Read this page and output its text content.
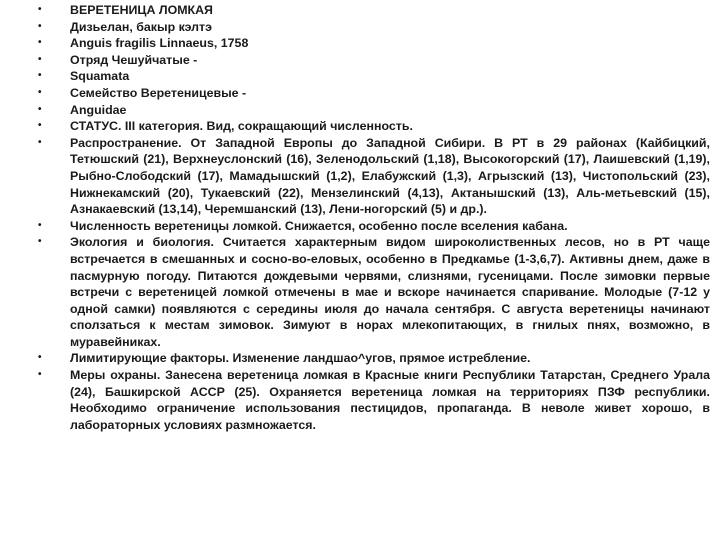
•	ВЕРЕТЕНИЦА ЛОМКАЯ
•	Дизьелан, бакыр кэлтэ
•	Anguis fragilis Linnaeus, 1758
•	Отряд Чешуйчатые -
•	Squamata
•	Семейство Веретеницевые -
•	Anguidae
•	СТАТУС. III категория. Вид, сокращающий численность.
•	Распространение. От Западной Европы до Западной Сибири. В РТ в 29 районах (Кайбицкий, Тетюшский (21), Верхнеуслонский (16), Зеленодольский (1,18), Высокогорский (17), Лаишевский (1,19), Рыбно-Слободский (17), Мамадышский (1,2), Елабужский (1,3), Агрызский (13), Чистопольский (23), Нижнекамский (20), Тукаевский (22), Мензелинский (4,13), Актанышский (13), Аль-метьевский (15), Азнакаевский (13,14), Черемшанский (13), Лени-ногорский (5) и др.).
•	Численность веретеницы ломкой. Снижается, особенно после вселения кабана.
•	Экология и биология. Считается характерным видом широколиственных лесов, но в РТ чаще встречается в смешанных и сосно-во-еловых, особенно в Предкамье (1-3,6,7). Активны днем, даже в пасмурную погоду. Питаются дождевыми червями, слизнями, гусеницами. После зимовки первые встречи с веретеницей ломкой отмечены в мае и вскоре начинается спаривание. Молодые (7-12 у одной самки) появляются с середины июля до начала сентября. С августа веретеницы начинают сползаться к местам зимовок. Зимуют в норах млекопитающих, в гнилых пнях, возможно, в муравейниках.
•	Лимитирующие факторы. Изменение ландшао^угов, прямое истребление.
•	Меры охраны. Занесена веретеница ломкая в Красные книги Республики Татарстан, Среднего Урала (24), Башкирской АССР (25). Охраняется веретеница ломкая на территориях ПЗФ республики. Необходимо ограничение использования пестицидов, пропаганда. В неволе живет хорошо, в лабораторных условиях размножается.
